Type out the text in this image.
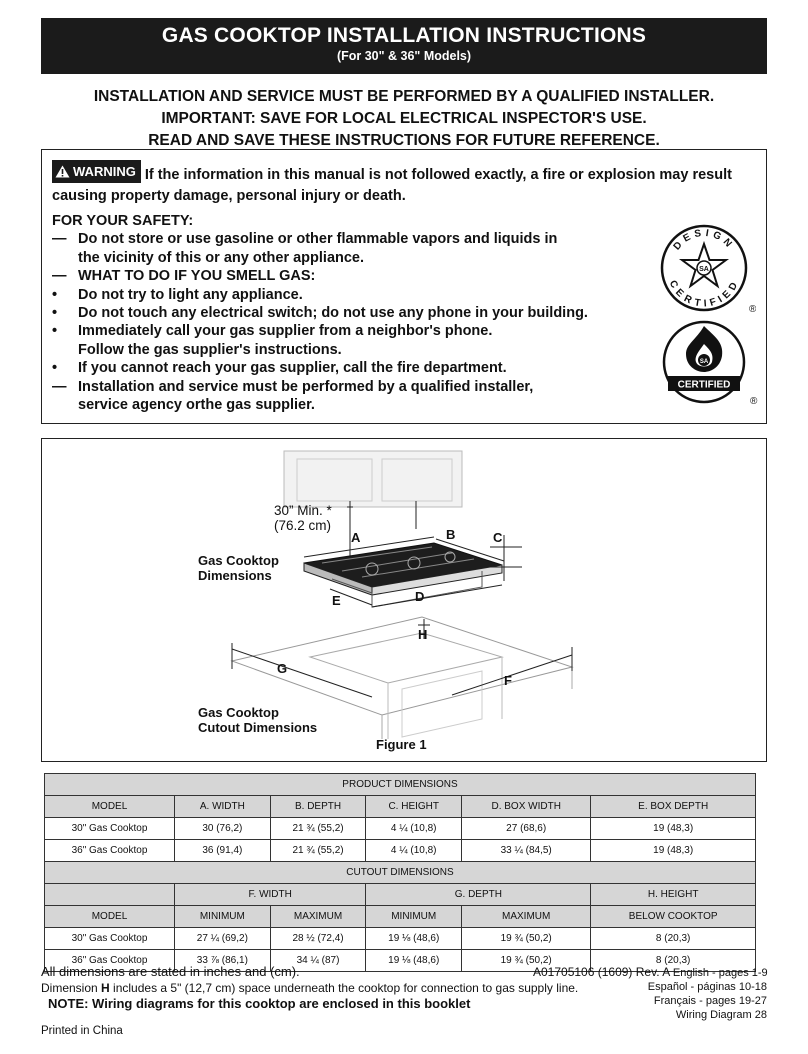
GAS COOKTOP INSTALLATION INSTRUCTIONS
(For 30" & 36" Models)
INSTALLATION AND SERVICE MUST BE PERFORMED BY A QUALIFIED INSTALLER.
IMPORTANT: SAVE FOR LOCAL ELECTRICAL INSPECTOR'S USE.
READ AND SAVE THESE INSTRUCTIONS FOR FUTURE REFERENCE.
WARNING If the information in this manual is not followed exactly, a fire or explosion may result causing property damage, personal injury or death.
FOR YOUR SAFETY:
— Do not store or use gasoline or other flammable vapors and liquids in
the vicinity of this or any other appliance.
— WHAT TO DO IF YOU SMELL GAS:
•	Do not try to light any appliance.
•	Do not touch any electrical switch; do not use any phone in your building.
•	Immediately call your gas supplier from a neighbor's phone.
Follow the gas supplier's instructions.
•	If you cannot reach your gas supplier, call the fire department.
— Installation and service must be performed by a qualified installer,
service agency orthe gas supplier.
DESIGN
CERTIFIED
SA
®
SA
CERTIFIED
®
30” Min. *
(76.2 cm)
Gas Cooktop
Dimensions
Gas Cooktop
Cutout Dimensions
A	B	C
D
E
H
G
F
Figure 1
PRODUCT DIMENSIONS					
MODEL	A. WIDTH	B. DEPTH	C. HEIGHT	D. BOX WIDTH	E. BOX DEPTH
30" Gas Cooktop	30 (76,2)	21 ¾ (55,2)	4 ¼ (10,8)	27 (68,6)	19 (48,3)
36" Gas Cooktop	36 (91,4)	21 ¾ (55,2)	4 ¼ (10,8)	33 ¼ (84,5)	19 (48,3)
CUTOUT DIMENSIONS					
	F. WIDTH		G. DEPTH		H. HEIGHT
MODEL	MINIMUM	MAXIMUM	MINIMUM	MAXIMUM	BELOW COOKTOP
30" Gas Cooktop	27 ¼ (69,2)	28 ½ (72,4)	19 ⅛ (48,6)	19 ¾ (50,2)	8 (20,3)
36" Gas Cooktop	33 ⅞ (86,1)	34 ¼ (87)	19 ⅛ (48,6)	19 ¾ (50,2)	8 (20,3)
All dimensions are stated in inches and (cm).	A01705106 (1609) Rev. A English - pages 1-9
Dimension H includes a 5" (12,7 cm) space underneath the cooktop for connection to gas supply line.	Español - páginas 10-18
Français - pages 19-27
Wiring Diagram 28
NOTE: Wiring diagrams for this cooktop are enclosed in this booklet
Printed in China
